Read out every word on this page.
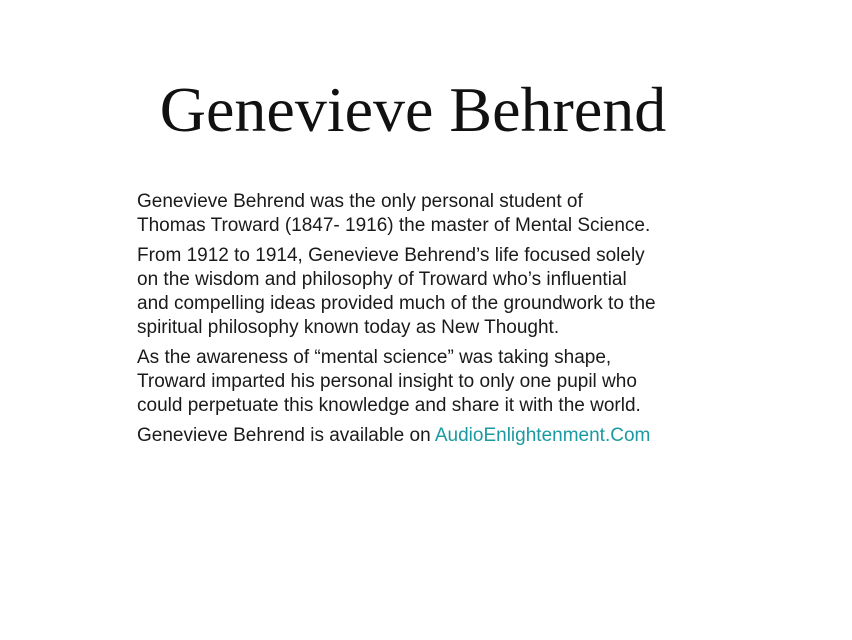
Genevieve Behrend

Genevieve Behrend was the only personal student of
Thomas Troward (1847- 1916) the master of Mental Science.

From 1912 to 1914, Genevieve Behrend’s life focused solely
on the wisdom and philosophy of Troward who’s influential
and compelling ideas provided much of the groundwork to the
spiritual philosophy known today as New Thought.

As the awareness of “mental science” was taking shape,
Troward imparted his personal insight to only one pupil who
could perpetuate this knowledge and share it with the world.

Genevieve Behrend is available on AudioEnlightenment.Com
